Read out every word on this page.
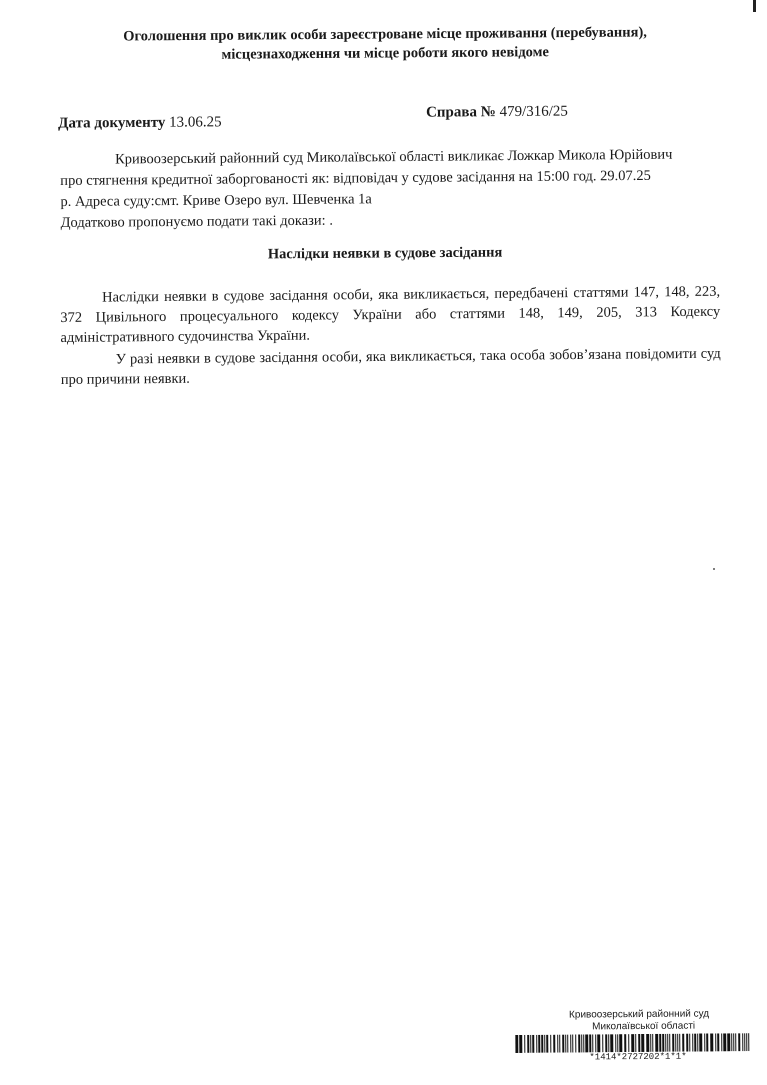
Оголошення про виклик особи зареєстроване місце проживання (перебування),
місцезнаходження чи місце роботи якого невідоме
Дата документу 13.06.25
Справа № 479/316/25

Кривоозерський районний суд Миколаївської області викликає Ложкар Микола Юрійович

про стягнення кредитної заборгованості як: відповідач у судове засідання на 15:00 год. 29.07.25

р. Адреса суду:смт. Криве Озеро вул. Шевченка 1а

Додатково пропонуємо подати такі докази: .

Наслідки неявки в судове засідання

Наслідки неявки в судове засідання особи, яка викликається, передбачені статтями 147, 148, 223, 372 Цивільного процесуального кодексу України або статтями 148, 149, 205, 313 Кодексу адміністративного судочинства України.

У разі неявки в судове засідання особи, яка викликається, така особа зобов’язана повідомити суд про причини неявки.

Кривоозерський районний суд
Миколаївської області
*1414*2727202*1*1*
